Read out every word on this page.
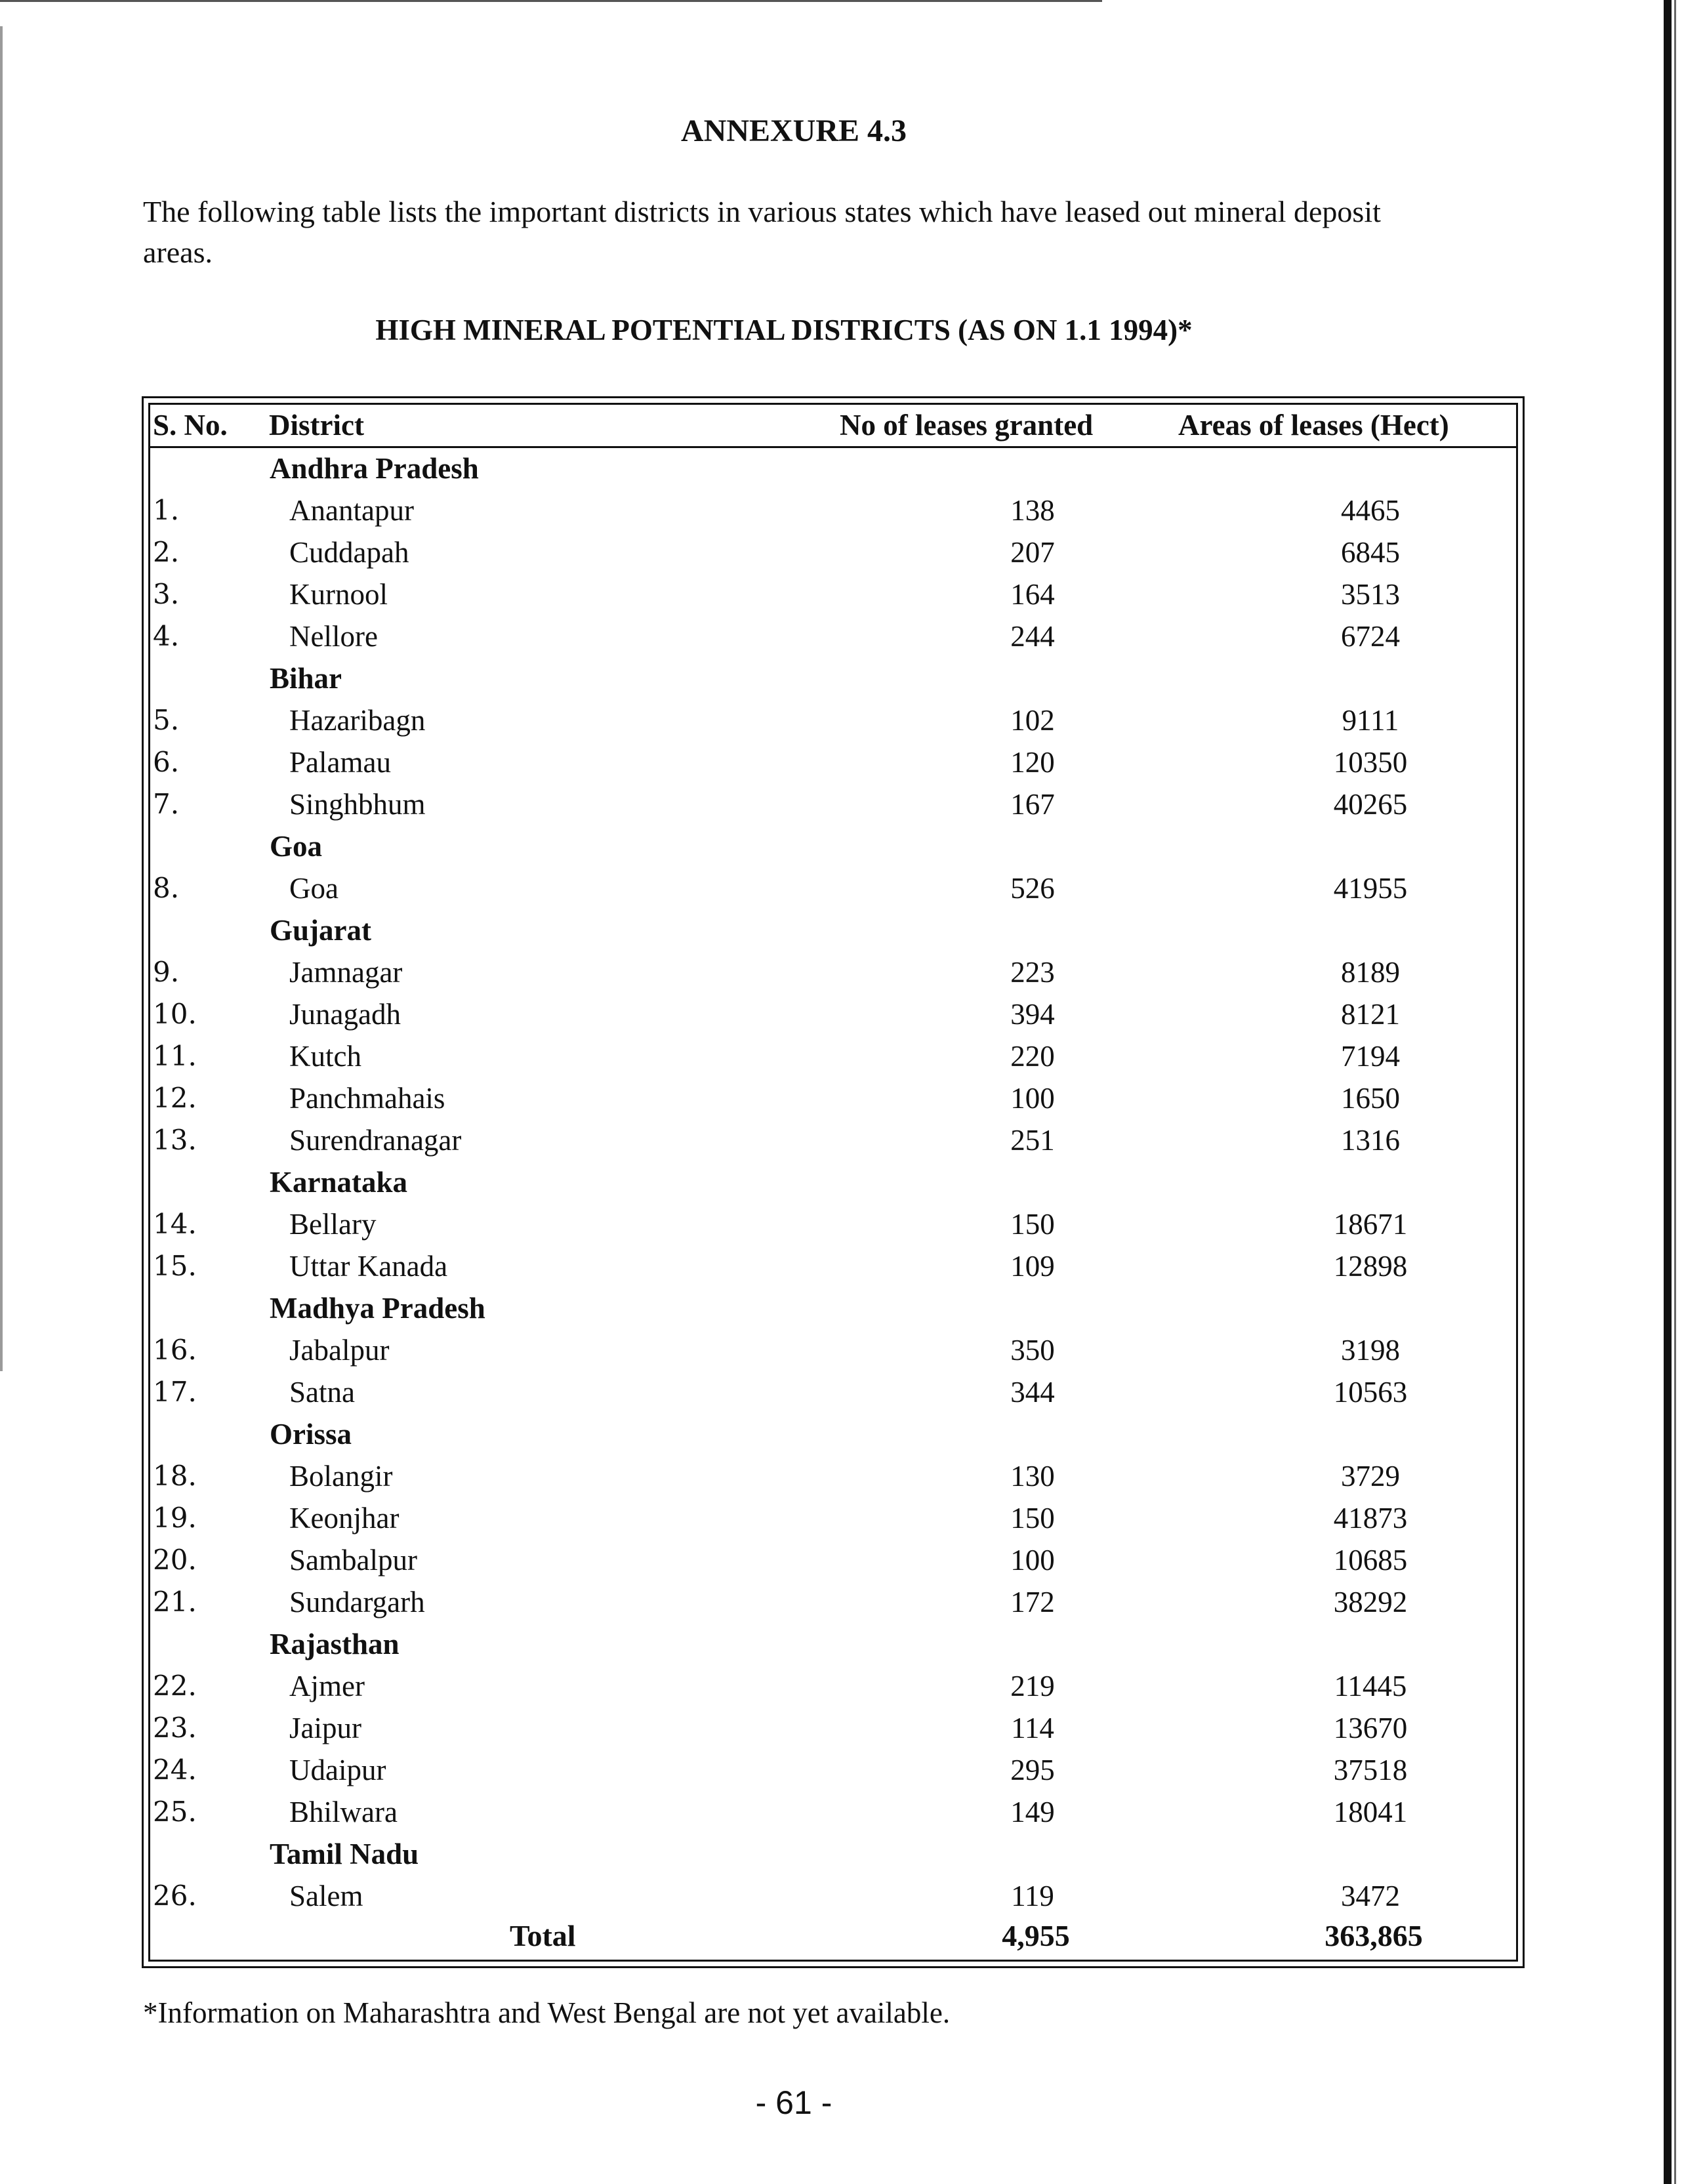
ANNEXURE 4.3
The following table lists the important districts in various states which have leased out mineral deposit
areas.
HIGH MINERAL POTENTIAL DISTRICTS (AS ON 1.1 1994)*
S. No. District	No of leases granted	Areas of leases (Hect)
Andhra Pradesh
1.	Anantapur	138	4465
2.	Cuddapah	207	6845
3.	Kurnool	164	3513
4.	Nellore	244	6724
Bihar
5.	Hazaribagn	102	9111
6.	Palamau	120	10350
7.	Singhbhum	167	40265
Goa
8.	Goa	526	41955
Gujarat
9.	Jamnagar	223	8189
10.	Junagadh	394	8121
11.	Kutch	220	7194
12.	Panchmahais	100	1650
13.	Surendranagar	251	1316
Karnataka
14.	Bellary	150	18671
15.	Uttar Kanada	109	12898
Madhya Pradesh
16.	Jabalpur	350	3198
17.	Satna	344	10563
Orissa
18.	Bolangir	130	3729
19.	Keonjhar	150	41873
20.	Sambalpur	100	10685
21.	Sundargarh	172	38292
Rajasthan
22.	Ajmer	219	11445
23.	Jaipur	114	13670
24.	Udaipur	295	37518
25.	Bhilwara	149	18041
Tamil Nadu
26.	Salem	119	3472
Total	4,955	363,865
*Information on Maharashtra and West Bengal are not yet available.
- 61 -
